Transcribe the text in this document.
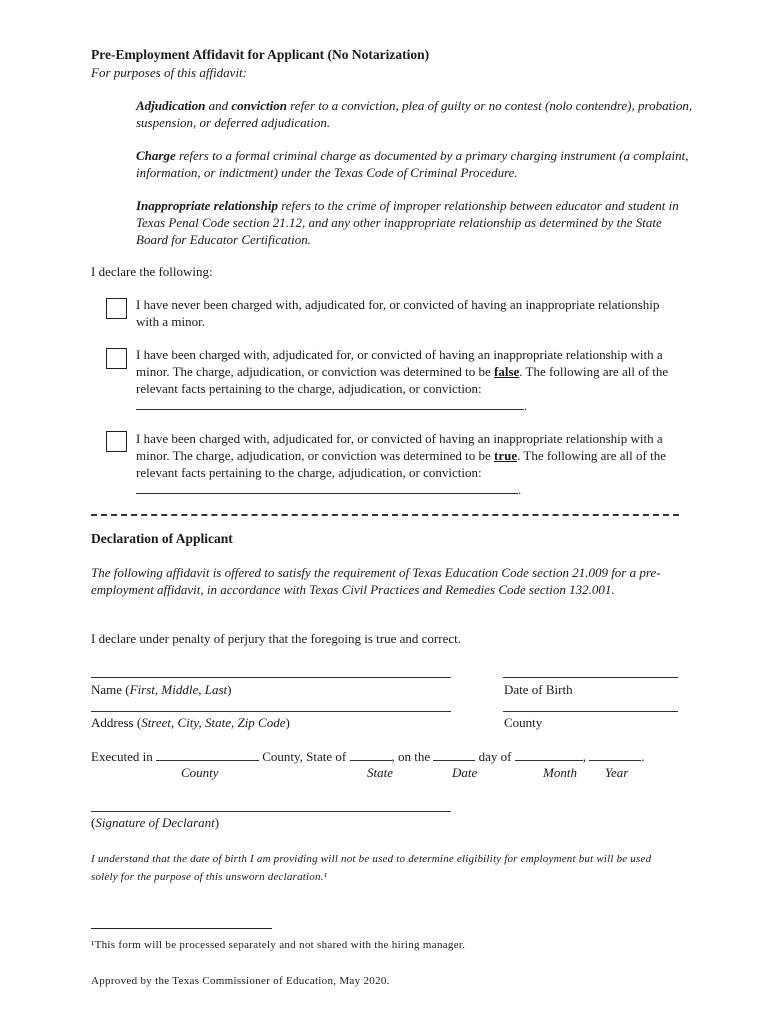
Pre-Employment Affidavit for Applicant (No Notarization)
For purposes of this affidavit:
Adjudication and conviction refer to a conviction, plea of guilty or no contest (nolo contendre), probation, suspension, or deferred adjudication.
Charge refers to a formal criminal charge as documented by a primary charging instrument (a complaint, information, or indictment) under the Texas Code of Criminal Procedure.
Inappropriate relationship refers to the crime of improper relationship between educator and student in Texas Penal Code section 21.12, and any other inappropriate relationship as determined by the State Board for Educator Certification.
I declare the following:
I have never been charged with, adjudicated for, or convicted of having an inappropriate relationship with a minor.
I have been charged with, adjudicated for, or convicted of having an inappropriate relationship with a minor. The charge, adjudication, or conviction was determined to be false. The following are all of the relevant facts pertaining to the charge, adjudication, or conviction: .
I have been charged with, adjudicated for, or convicted of having an inappropriate relationship with a minor. The charge, adjudication, or conviction was determined to be true. The following are all of the relevant facts pertaining to the charge, adjudication, or conviction: .
Declaration of Applicant
The following affidavit is offered to satisfy the requirement of Texas Education Code section 21.009 for a pre-employment affidavit, in accordance with Texas Civil Practices and Remedies Code section 132.001.
I declare under penalty of perjury that the foregoing is true and correct.
Name (First, Middle, Last)	Date of Birth
Address (Street, City, State, Zip Code)	County
Executed in	County, State of	, on the	day of	,	.
County	State	Date	Month Year
(Signature of Declarant)
I understand that the date of birth I am providing will not be used to determine eligibility for employment but will be used solely for the purpose of this unsworn declaration.¹
¹This form will be processed separately and not shared with the hiring manager.
Approved by the Texas Commissioner of Education, May 2020.
